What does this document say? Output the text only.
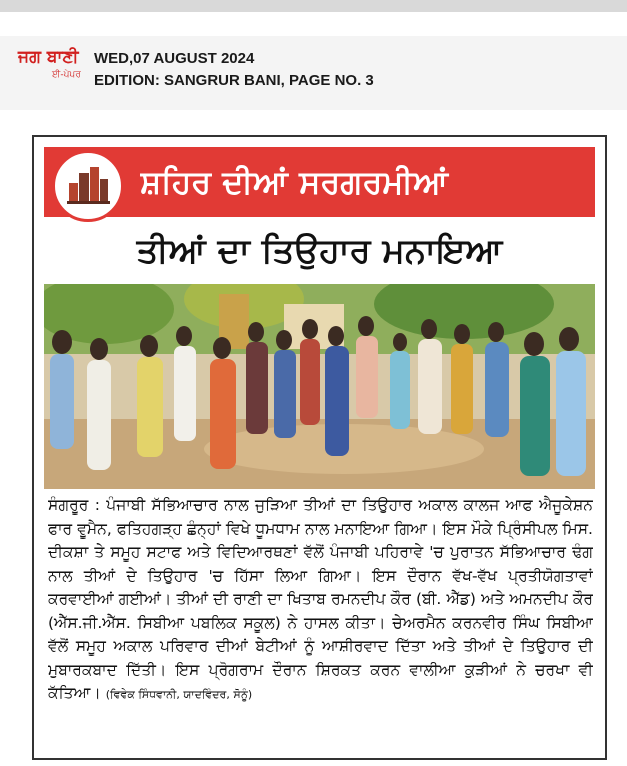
ਜਗ ਬਾਣੀ
ਈ-ਪੇਪਰ
WED,07 AUGUST 2024
EDITION: SANGRUR BANI, PAGE NO. 3
ਸ਼ਹਿਰ ਦੀਆਂ ਸਰਗਰਮੀਆਂ
ਤੀਆਂ ਦਾ ਤਿਉਹਾਰ ਮਨਾਇਆ
ਸੰਗਰੂਰ : ਪੰਜਾਬੀ ਸੱਭਿਆਚਾਰ ਨਾਲ ਜੁੜਿਆ ਤੀਆਂ ਦਾ ਤਿਉਹਾਰ ਅਕਾਲ ਕਾਲਜ ਆਫ ਐਜੂਕੇਸ਼ਨ ਫਾਰ ਵੂਮੈਨ, ਫਤਿਹਗੜ੍ਹ ਛੰਨ੍ਹਾਂ ਵਿਖੇ ਧੂਮਧਾਮ ਨਾਲ ਮਨਾਇਆ ਗਿਆ। ਇਸ ਮੌਕੇ ਪ੍ਰਿੰਸੀਪਲ ਮਿਸ. ਦੀਕਸ਼ਾ ਤੇ ਸਮੂਹ ਸਟਾਫ ਅਤੇ ਵਿਦਿਆਰਥਣਾਂ ਵੱਲੋਂ ਪੰਜਾਬੀ ਪਹਿਰਾਵੇ 'ਚ ਪੁਰਾਤਨ ਸੱਭਿਆਚਾਰ ਢੰਗ ਨਾਲ ਤੀਆਂ ਦੇ ਤਿਉਹਾਰ 'ਚ ਹਿੱਸਾ ਲਿਆ ਗਿਆ। ਇਸ ਦੌਰਾਨ ਵੱਖ-ਵੱਖ ਪ੍ਰਤੀਯੋਗਤਾਵਾਂ ਕਰਵਾਈਆਂ ਗਈਆਂ। ਤੀਆਂ ਦੀ ਰਾਣੀ ਦਾ ਖਿਤਾਬ ਰਮਨਦੀਪ ਕੌਰ (ਬੀ. ਐੱਡ) ਅਤੇ ਅਮਨਦੀਪ ਕੌਰ (ਐੱਸ.ਜੀ.ਐੱਸ. ਸਿਬੀਆ ਪਬਲਿਕ ਸਕੂਲ) ਨੇ ਹਾਸਲ ਕੀਤਾ। ਚੇਅਰਮੈਨ ਕਰਨਵੀਰ ਸਿੰਘ ਸਿਬੀਆ ਵੱਲੋਂ ਸਮੂਹ ਅਕਾਲ ਪਰਿਵਾਰ ਦੀਆਂ ਬੇਟੀਆਂ ਨੂੰ ਆਸ਼ੀਰਵਾਦ ਦਿੱਤਾ ਅਤੇ ਤੀਆਂ ਦੇ ਤਿਉਹਾਰ ਦੀ ਮੁਬਾਰਕਬਾਦ ਦਿੱਤੀ। ਇਸ ਪ੍ਰੋਗਰਾਮ ਦੌਰਾਨ ਸ਼ਿਰਕਤ ਕਰਨ ਵਾਲੀਆ ਕੁੜੀਆਂ ਨੇ ਚਰਖਾ ਵੀ ਕੱਤਿਆ। (ਵਿਵੇਕ ਸਿੰਧਵਾਨੀ, ਯਾਦਵਿੰਦਰ, ਸੋਨੂੰ)
